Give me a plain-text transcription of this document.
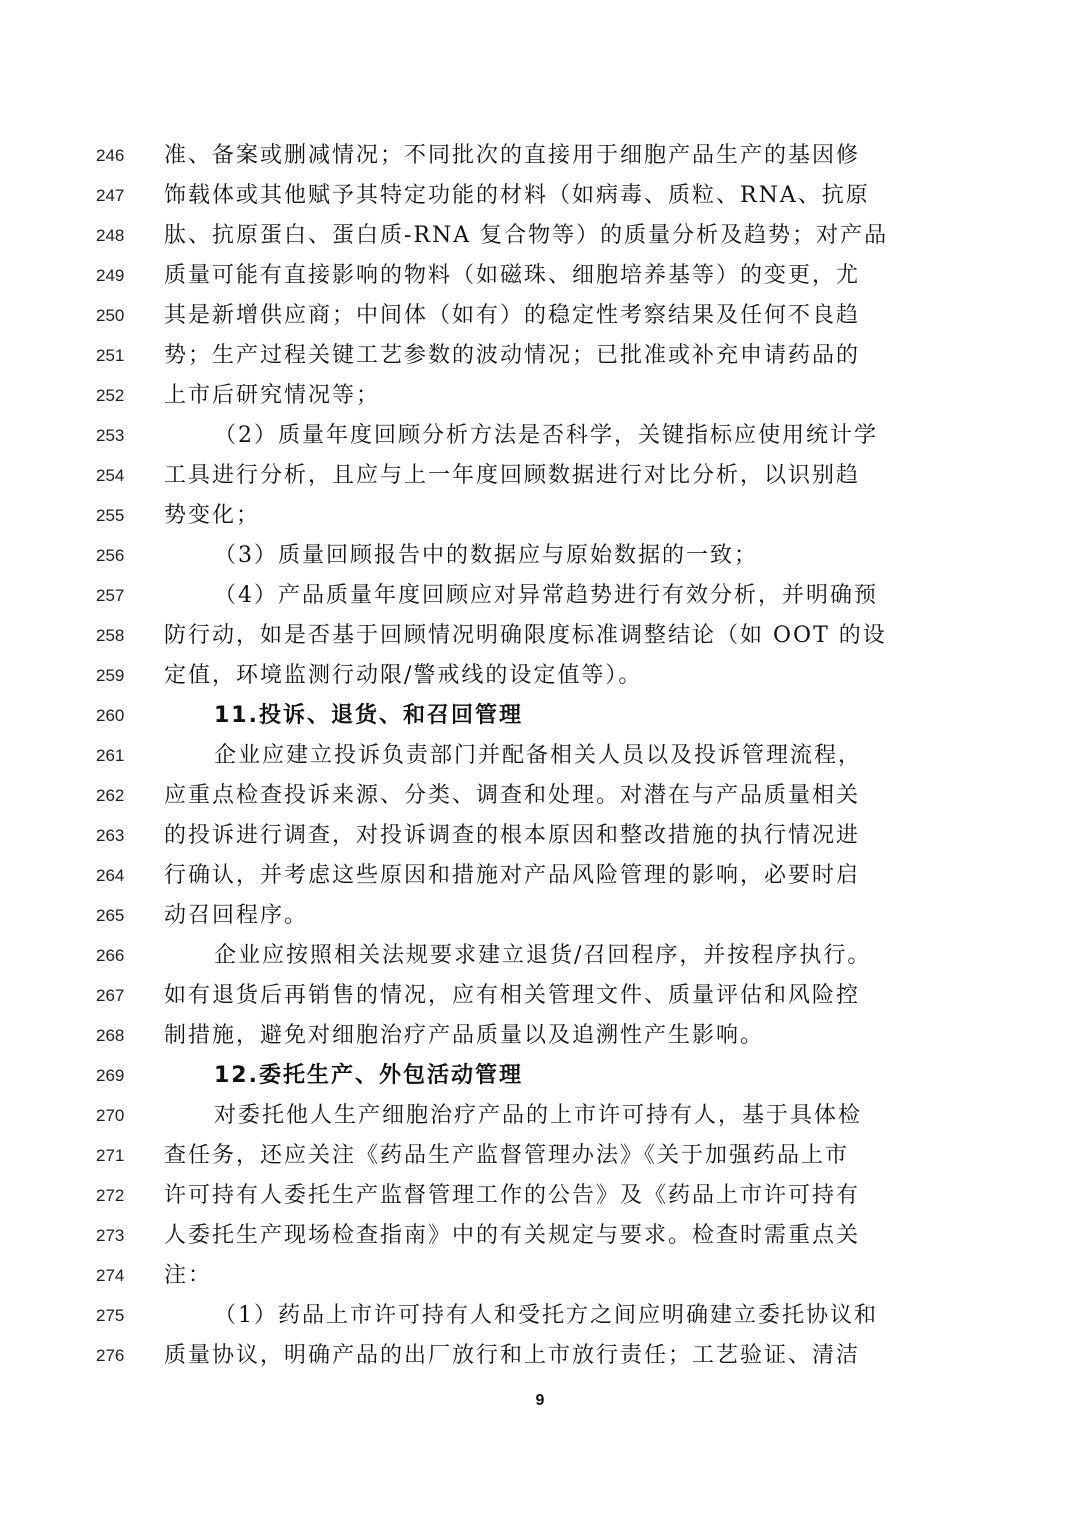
246	准、备案或删减情况；不同批次的直接用于细胞产品生产的基因修
247	饰载体或其他赋予其特定功能的材料（如病毒、质粒、RNA、抗原
248	肽、抗原蛋白、蛋白质-RNA 复合物等）的质量分析及趋势；对产品
249	质量可能有直接影响的物料（如磁珠、细胞培养基等）的变更，尤
250	其是新增供应商；中间体（如有）的稳定性考察结果及任何不良趋
251	势；生产过程关键工艺参数的波动情况；已批准或补充申请药品的
252	上市后研究情况等；
253	（2）质量年度回顾分析方法是否科学，关键指标应使用统计学
254	工具进行分析，且应与上一年度回顾数据进行对比分析，以识别趋
255	势变化；
256	（3）质量回顾报告中的数据应与原始数据的一致；
257	（4）产品质量年度回顾应对异常趋势进行有效分析，并明确预
258	防行动，如是否基于回顾情况明确限度标准调整结论（如 OOT 的设
259	定值，环境监测行动限/警戒线的设定值等）。
260	11.投诉、退货、和召回管理
261	企业应建立投诉负责部门并配备相关人员以及投诉管理流程，
262	应重点检查投诉来源、分类、调查和处理。对潜在与产品质量相关
263	的投诉进行调查，对投诉调查的根本原因和整改措施的执行情况进
264	行确认，并考虑这些原因和措施对产品风险管理的影响，必要时启
265	动召回程序。
266	企业应按照相关法规要求建立退货/召回程序，并按程序执行。
267	如有退货后再销售的情况，应有相关管理文件、质量评估和风险控
268	制措施，避免对细胞治疗产品质量以及追溯性产生影响。
269	12.委托生产、外包活动管理
270	对委托他人生产细胞治疗产品的上市许可持有人，基于具体检
271	查任务，还应关注《药品生产监督管理办法》《关于加强药品上市
272	许可持有人委托生产监督管理工作的公告》及《药品上市许可持有
273	人委托生产现场检查指南》中的有关规定与要求。检查时需重点关
274	注：
275	（1）药品上市许可持有人和受托方之间应明确建立委托协议和
276	质量协议，明确产品的出厂放行和上市放行责任；工艺验证、清洁
9
